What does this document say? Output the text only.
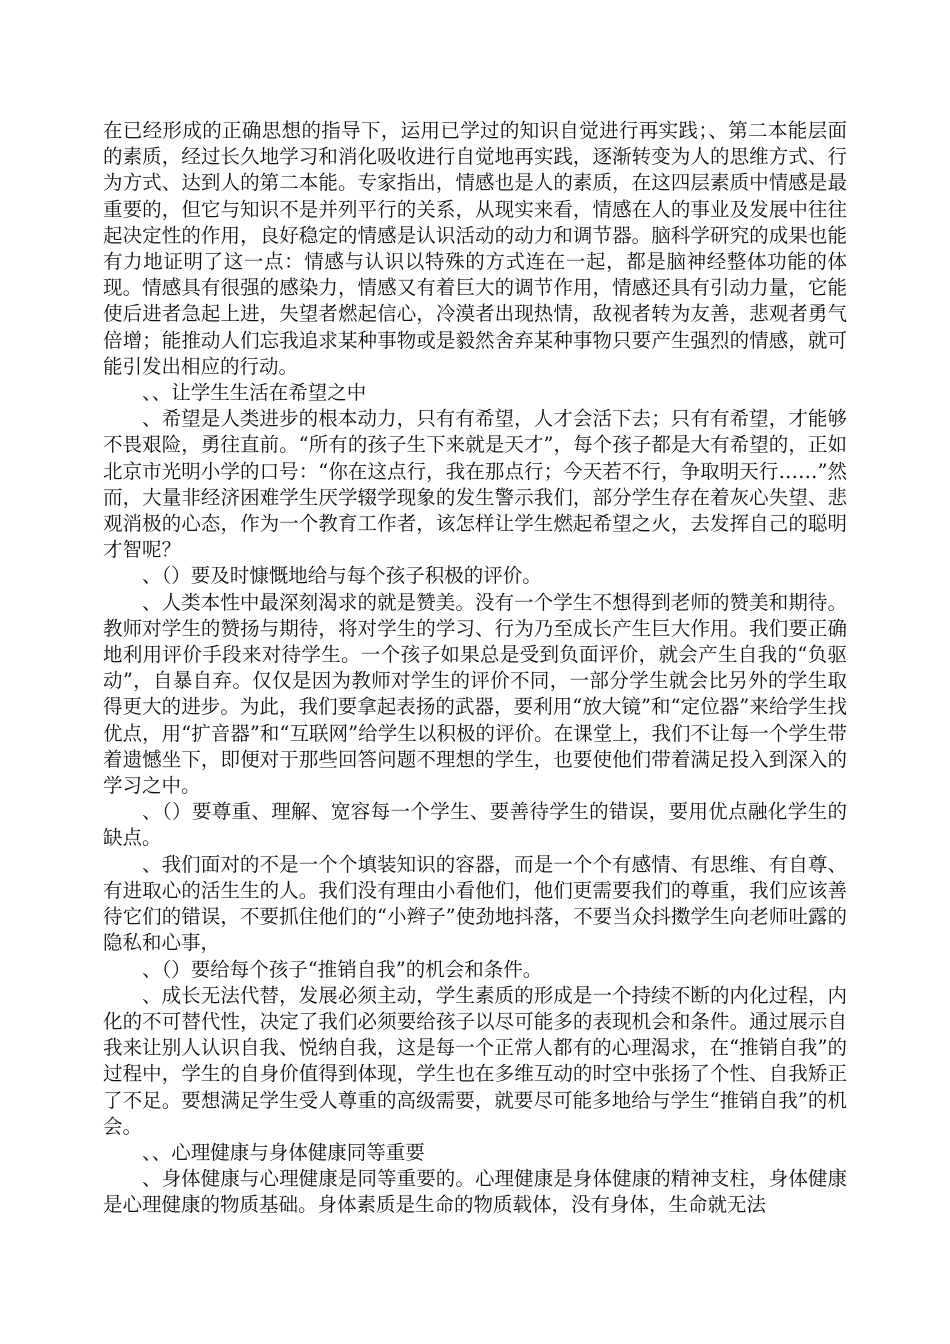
在已经形成的正确思想的指导下，运用已学过的知识自觉进行再实践；、第二本能层面的素质，经过长久地学习和消化吸收进行自觉地再实践，逐渐转变为人的思维方式、行为方式、达到人的第二本能。专家指出，情感也是人的素质，在这四层素质中情感是最重要的，但它与知识不是并列平行的关系，从现实来看，情感在人的事业及发展中往往起决定性的作用，良好稳定的情感是认识活动的动力和调节器。脑科学研究的成果也能有力地证明了这一点：情感与认识以特殊的方式连在一起，都是脑神经整体功能的体现。情感具有很强的感染力，情感又有着巨大的调节作用，情感还具有引动力量，它能使后进者急起上进，失望者燃起信心，冷漠者出现热情，敌视者转为友善，悲观者勇气倍增；能推动人们忘我追求某种事物或是毅然舍弃某种事物只要产生强烈的情感，就可能引发出相应的行动。

、、让学生生活在希望之中

、希望是人类进步的根本动力，只有有希望，人才会活下去；只有有希望，才能够不畏艰险，勇往直前。“所有的孩子生下来就是天才”，每个孩子都是大有希望的，正如北京市光明小学的口号：“你在这点行，我在那点行；今天若不行，争取明天行……”然而，大量非经济困难学生厌学辍学现象的发生警示我们，部分学生存在着灰心失望、悲观消极的心态，作为一个教育工作者，该怎样让学生燃起希望之火，去发挥自己的聪明才智呢？

、（）要及时慷慨地给与每个孩子积极的评价。

、人类本性中最深刻渴求的就是赞美。没有一个学生不想得到老师的赞美和期待。教师对学生的赞扬与期待，将对学生的学习、行为乃至成长产生巨大作用。我们要正确地利用评价手段来对待学生。一个孩子如果总是受到负面评价，就会产生自我的“负驱动”，自暴自弃。仅仅是因为教师对学生的评价不同，一部分学生就会比另外的学生取得更大的进步。为此，我们要拿起表扬的武器，要利用“放大镜”和“定位器”来给学生找优点，用“扩音器”和“互联网”给学生以积极的评价。在课堂上，我们不让每一个学生带着遗憾坐下，即便对于那些回答问题不理想的学生，也要使他们带着满足投入到深入的学习之中。

、（）要尊重、理解、宽容每一个学生、要善待学生的错误，要用优点融化学生的缺点。

、我们面对的不是一个个填装知识的容器，而是一个个有感情、有思维、有自尊、有进取心的活生生的人。我们没有理由小看他们，他们更需要我们的尊重，我们应该善待它们的错误，不要抓住他们的“小辫子”使劲地抖落，不要当众抖擞学生向老师吐露的隐私和心事，

、（）要给每个孩子“推销自我”的机会和条件。

、成长无法代替，发展必须主动，学生素质的形成是一个持续不断的内化过程，内化的不可替代性，决定了我们必须要给孩子以尽可能多的表现机会和条件。通过展示自我来让别人认识自我、悦纳自我，这是每一个正常人都有的心理渴求，在“推销自我”的过程中，学生的自身价值得到体现，学生也在多维互动的时空中张扬了个性、自我矫正了不足。要想满足学生受人尊重的高级需要，就要尽可能多地给与学生“推销自我”的机会。

、、心理健康与身体健康同等重要

、身体健康与心理健康是同等重要的。心理健康是身体健康的精神支柱，身体健康是心理健康的物质基础。身体素质是生命的物质载体，没有身体，生命就无法
